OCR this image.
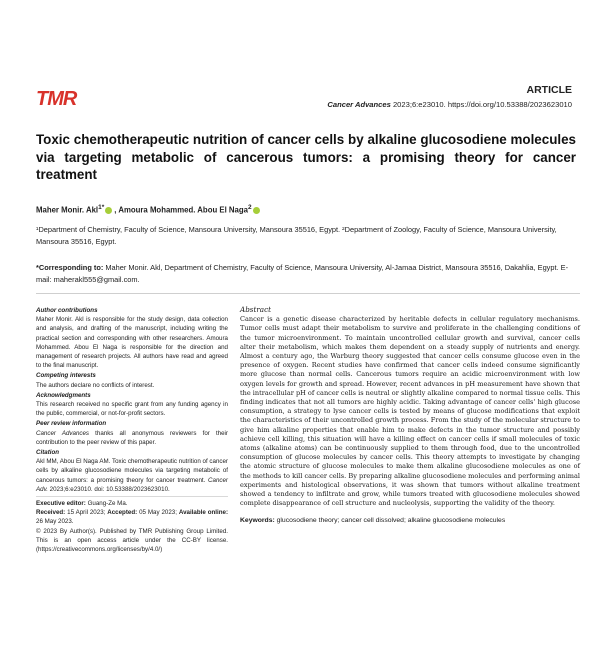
TMR	ARTICLE
Cancer Advances 2023;6:e23010. https://doi.org/10.53388/2023623010
Toxic chemotherapeutic nutrition of cancer cells by alkaline glucosodiene molecules via targeting metabolic of cancerous tumors: a promising theory for cancer treatment
Maher Monir. Akl$^{1*}$ , Amoura Mohammed. Abou El Naga$^2$
¹Department of Chemistry, Faculty of Science, Mansoura University, Mansoura 35516, Egypt. ²Department of Zoology, Faculty of Science, Mansoura University, Mansoura 35516, Egypt.
*Corresponding to: Maher Monir. Akl, Department of Chemistry, Faculty of Science, Mansoura University, Al-Jamaa District, Mansoura 35516, Dakahlia, Egypt. E-mail: maherakl555@gmail.com.
Author contributions

Maher Monir. Akl is responsible for the study design, data collection and analysis, and drafting of the manuscript, including writing the practical section and corresponding with other researchers. Amoura Mohammed. Abou El Naga is responsible for the direction and management of research projects. All authors have read and agreed to the final manuscript.

Competing interests

The authors declare no conflicts of interest.

Acknowledgments

This research received no specific grant from any funding agency in the public, commercial, or not-for-profit sectors.

Peer review information

Cancer Advances thanks all anonymous reviewers for their contribution to the peer review of this paper.

Citation

Akl MM, Abou El Naga AM. Toxic chemotherapeutic nutrition of cancer cells by alkaline glucosodiene molecules via targeting metabolic of cancerous tumors: a promising theory for cancer treatment. Cancer Adv. 2023;6:e23010. doi: 10.53388/2023623010.

Executive editor: Guang-Ze Ma.

Received: 15 April 2023; Accepted: 05 May 2023; Available online: 26 May 2023.

© 2023 By Author(s). Published by TMR Publishing Group Limited. This is an open access article under the CC-BY license. (https://creativecommons.org/licenses/by/4.0/)

Abstract

Cancer is a genetic disease characterized by heritable defects in cellular regulatory mechanisms. Tumor cells must adapt their metabolism to survive and proliferate in the challenging conditions of the tumor microenvironment. To maintain uncontrolled cellular growth and survival, cancer cells alter their metabolism, which makes them dependent on a steady supply of nutrients and energy. Almost a century ago, the Warburg theory suggested that cancer cells consume glucose even in the presence of oxygen. Recent studies have confirmed that cancer cells indeed consume significantly more glucose than normal cells. Cancerous tumors require an acidic microenvironment with low oxygen levels for growth and spread. However, recent advances in pH measurement have shown that the intracellular pH of cancer cells is neutral or slightly alkaline compared to normal tissue cells. This finding indicates that not all tumors are highly acidic. Taking advantage of cancer cells' high glucose consumption, a strategy to lyse cancer cells is tested by means of glucose modifications that exploit the characteristics of their uncontrolled growth process. From the study of the molecular structure to give him alkaline properties that enable him to make defects in the tumor structure and possibly achieve cell killing, this situation will have a killing effect on cancer cells if small molecules of toxic atoms (alkaline atoms) can be continuously supplied to them through food, due to the uncontrolled consumption of glucose molecules by cancer cells. This theory attempts to investigate by changing the atomic structure of glucose molecules to make them alkaline glucosodiene molecules as one of the methods to kill cancer cells. By preparing alkaline glucosodiene molecules and performing animal experiments and histological observations, it was shown that tumors without alkaline treatment showed a tendency to infiltrate and grow, while tumors treated with glucosodiene molecules showed complete disappearance of cell structure and nucleolysis, supporting the validity of the theory.

Keywords: glucosodiene theory; cancer cell dissolved; alkaline glucosodiene molecules
